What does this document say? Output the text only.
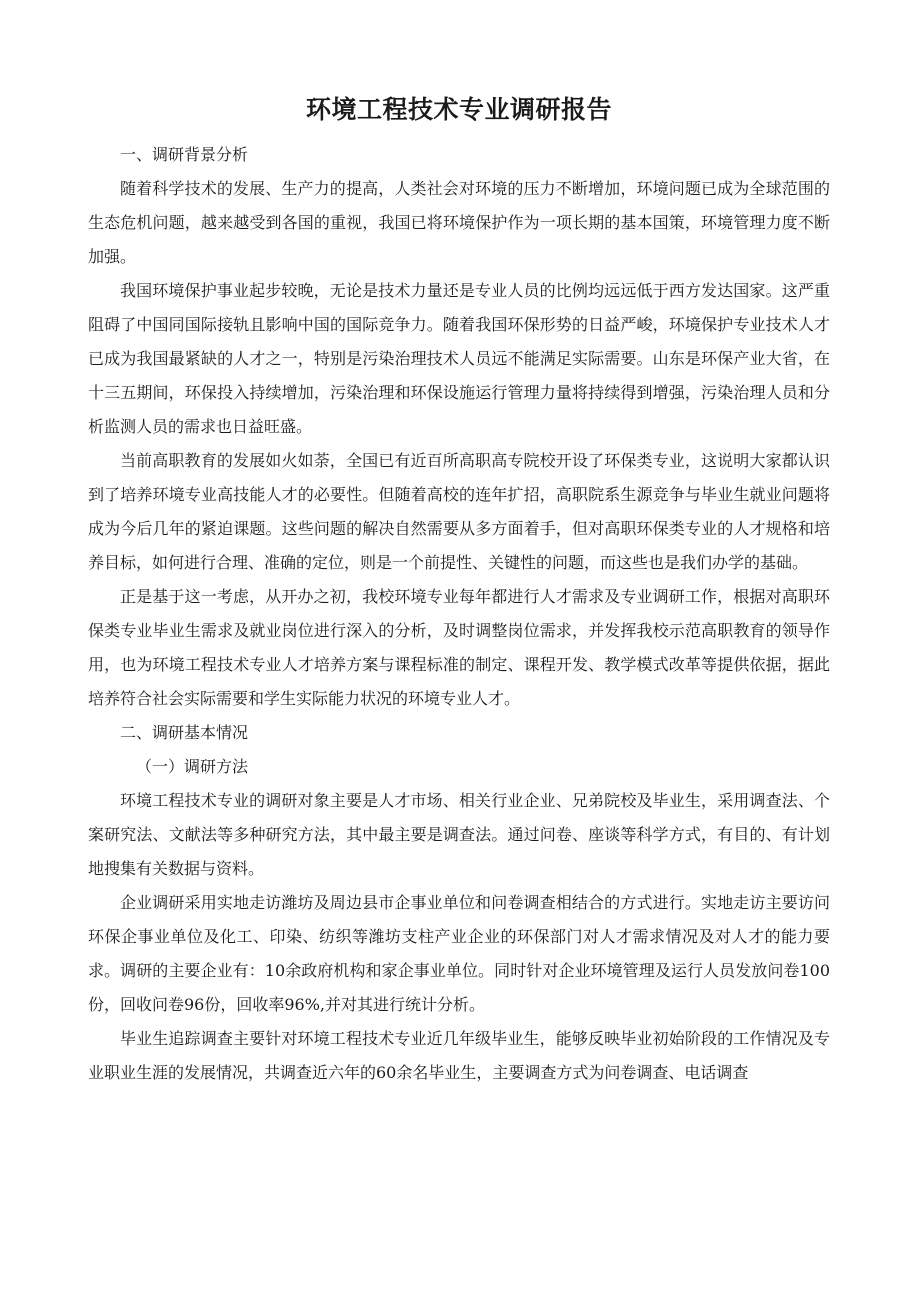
环境工程技术专业调研报告

一、调研背景分析

随着科学技术的发展、生产力的提高，人类社会对环境的压力不断增加，环境问题已成为全球范围的生态危机问题，越来越受到各国的重视，我国已将环境保护作为一项长期的基本国策，环境管理力度不断加强。

我国环境保护事业起步较晚，无论是技术力量还是专业人员的比例均远远低于西方发达国家。这严重阻碍了中国同国际接轨且影响中国的国际竞争力。随着我国环保形势的日益严峻，环境保护专业技术人才已成为我国最紧缺的人才之一，特别是污染治理技术人员远不能满足实际需要。山东是环保产业大省，在十三五期间，环保投入持续增加，污染治理和环保设施运行管理力量将持续得到增强，污染治理人员和分析监测人员的需求也日益旺盛。

当前高职教育的发展如火如荼，全国已有近百所高职高专院校开设了环保类专业，这说明大家都认识到了培养环境专业高技能人才的必要性。但随着高校的连年扩招，高职院系生源竞争与毕业生就业问题将成为今后几年的紧迫课题。这些问题的解决自然需要从多方面着手，但对高职环保类专业的人才规格和培养目标，如何进行合理、准确的定位，则是一个前提性、关键性的问题，而这些也是我们办学的基础。

正是基于这一考虑，从开办之初，我校环境专业每年都进行人才需求及专业调研工作，根据对高职环保类专业毕业生需求及就业岗位进行深入的分析，及时调整岗位需求，并发挥我校示范高职教育的领导作用，也为环境工程技术专业人才培养方案与课程标准的制定、课程开发、教学模式改革等提供依据，据此培养符合社会实际需要和学生实际能力状况的环境专业人才。

二、调研基本情况

（一）调研方法

环境工程技术专业的调研对象主要是人才市场、相关行业企业、兄弟院校及毕业生，采用调查法、个案研究法、文献法等多种研究方法，其中最主要是调查法。通过问卷、座谈等科学方式，有目的、有计划地搜集有关数据与资料。

企业调研采用实地走访潍坊及周边县市企事业单位和问卷调查相结合的方式进行。实地走访主要访问环保企事业单位及化工、印染、纺织等潍坊支柱产业企业的环保部门对人才需求情况及对人才的能力要求。调研的主要企业有：10余政府机构和家企事业单位。同时针对企业环境管理及运行人员发放问卷100份，回收问卷96份，回收率96%,并对其进行统计分析。

毕业生追踪调查主要针对环境工程技术专业近几年级毕业生，能够反映毕业初始阶段的工作情况及专业职业生涯的发展情况，共调查近六年的60余名毕业生，主要调查方式为问卷调查、电话调查
